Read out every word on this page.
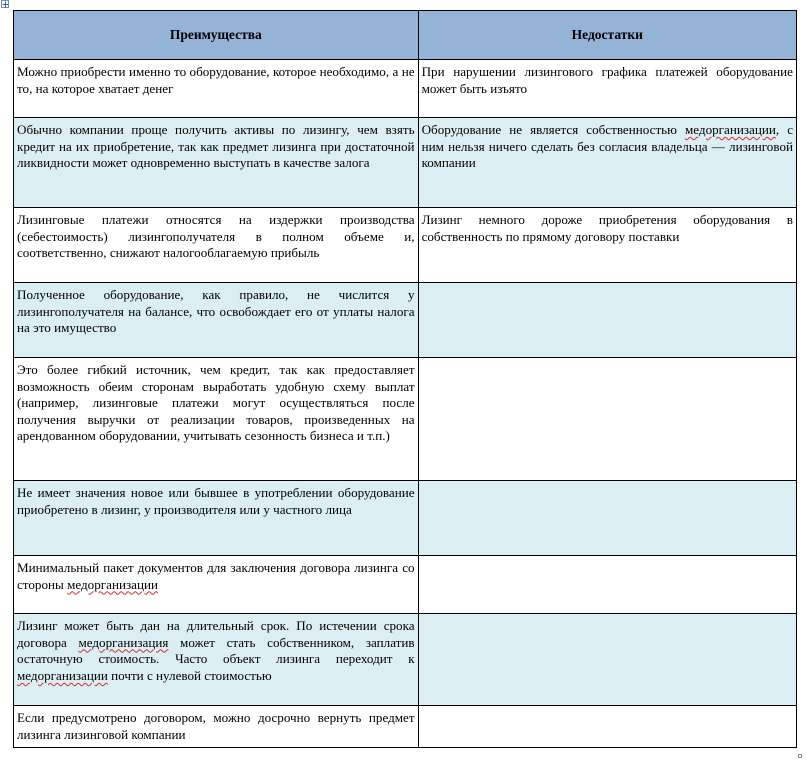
Преимущества	Недостатки
Можно приобрести именно то оборудование, которое необходимо, а не то, на которое хватает денег	При нарушении лизингового графика платежей оборудование может быть изъято
Обычно компании проще получить активы по лизингу, чем взять кредит на их приобретение, так как предмет лизинга при достаточной ликвидности может одновременно выступать в качестве залога	Оборудование не является собственностью медорганизации, с ним нельзя ничего сделать без согласия владельца — лизинговой компании
Лизинговые платежи относятся на издержки производства (себестоимость) лизингополучателя в полном объеме и, соответственно, снижают налогооблагаемую прибыль	Лизинг немного дороже приобретения оборудования в собственность по прямому договору поставки
Полученное оборудование, как правило, не числится у лизингополучателя на балансе, что освобождает его от уплаты налога на это имущество	
Это более гибкий источник, чем кредит, так как предоставляет возможность обеим сторонам выработать удобную схему выплат (например, лизинговые платежи могут осуществляться после получения выручки от реализации товаров, произведенных на арендованном оборудовании, учитывать сезонность бизнеса и т.п.)	
Не имеет значения новое или бывшее в употреблении оборудование приобретено в лизинг, у производителя или у частного лица	
Минимальный пакет документов для заключения договора лизинга со стороны медорганизации	
Лизинг может быть дан на длительный срок. По истечении срока договора медорганизация может стать собственником, заплатив остаточную стоимость. Часто объект лизинга переходит к медорганизации почти с нулевой стоимостью	
Если предусмотрено договором, можно досрочно вернуть предмет лизинга лизинговой компании	
